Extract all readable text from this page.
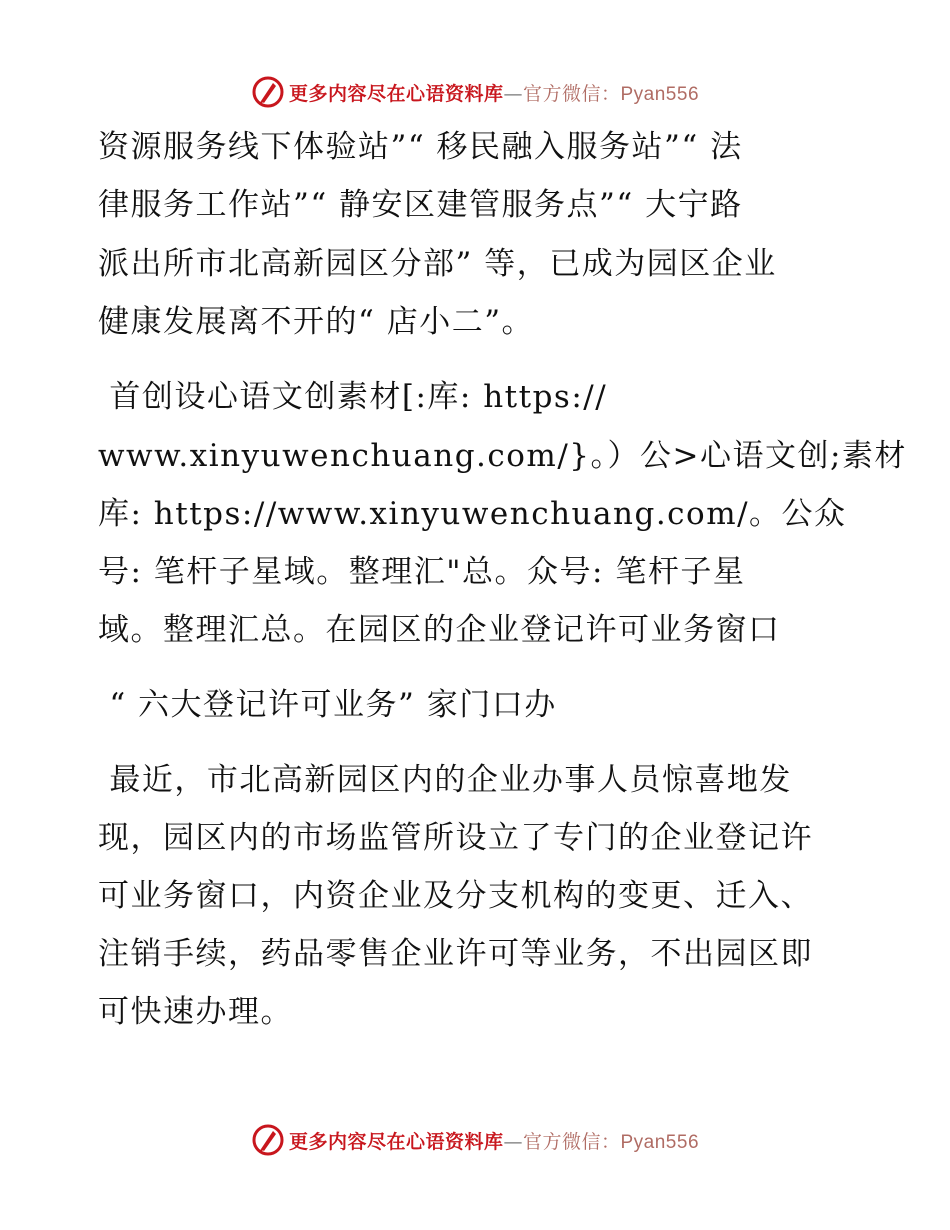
更多内容尽在心语资料库—官方微信：Pyan556
资源服务线下体验站”“ 移民融入服务站”“ 法
律服务工作站”“ 静安区建管服务点”“ 大宁路
派出所市北高新园区分部” 等，已成为园区企业
健康发展离不开的“ 店小二”。
首创设心语文创素材[:库: https://
www.xinyuwenchuang.com/}。）公>心语文创;素材
库: https://www.xinyuwenchuang.com/。公众
号: 笔杆子星域。整理汇"总。众号: 笔杆子星
域。整理汇总。在园区的企业登记许可业务窗口
“ 六大登记许可业务” 家门口办
最近，市北高新园区内的企业办事人员惊喜地发
现，园区内的市场监管所设立了专门的企业登记许
可业务窗口，内资企业及分支机构的变更、迁入、
注销手续，药品零售企业许可等业务，不出园区即
可快速办理。
更多内容尽在心语资料库—官方微信：Pyan556
